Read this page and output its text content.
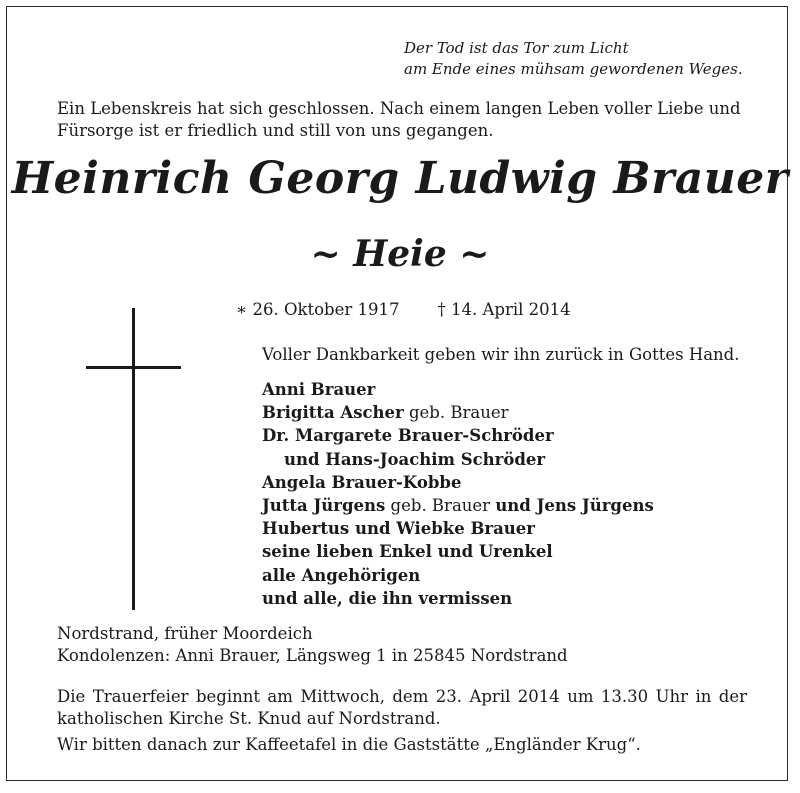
Der Tod ist das Tor zum Licht
am Ende eines mühsam gewordenen Weges.
Ein Lebenskreis hat sich geschlossen. Nach einem langen Leben voller Liebe und Fürsorge ist er friedlich und still von uns gegangen.
Heinrich Georg Ludwig Brauer
~ Heie ~
∗ 26. Oktober 1917 † 14. April 2014
Voller Dankbarkeit geben wir ihn zurück in Gottes Hand.
Anni Brauer
Brigitta Ascher geb. Brauer
Dr. Margarete Brauer-Schröder
und Hans-Joachim Schröder
Angela Brauer-Kobbe
Jutta Jürgens geb. Brauer und Jens Jürgens
Hubertus und Wiebke Brauer
seine lieben Enkel und Urenkel
alle Angehörigen
und alle, die ihn vermissen
Nordstrand, früher Moordeich
Kondolenzen: Anni Brauer, Längsweg 1 in 25845 Nordstrand

Die Trauerfeier beginnt am Mittwoch, dem 23. April 2014 um 13.30 Uhr in der katholischen Kirche St. Knud auf Nordstrand.

Wir bitten danach zur Kaffeetafel in die Gaststätte „Engländer Krug“.
